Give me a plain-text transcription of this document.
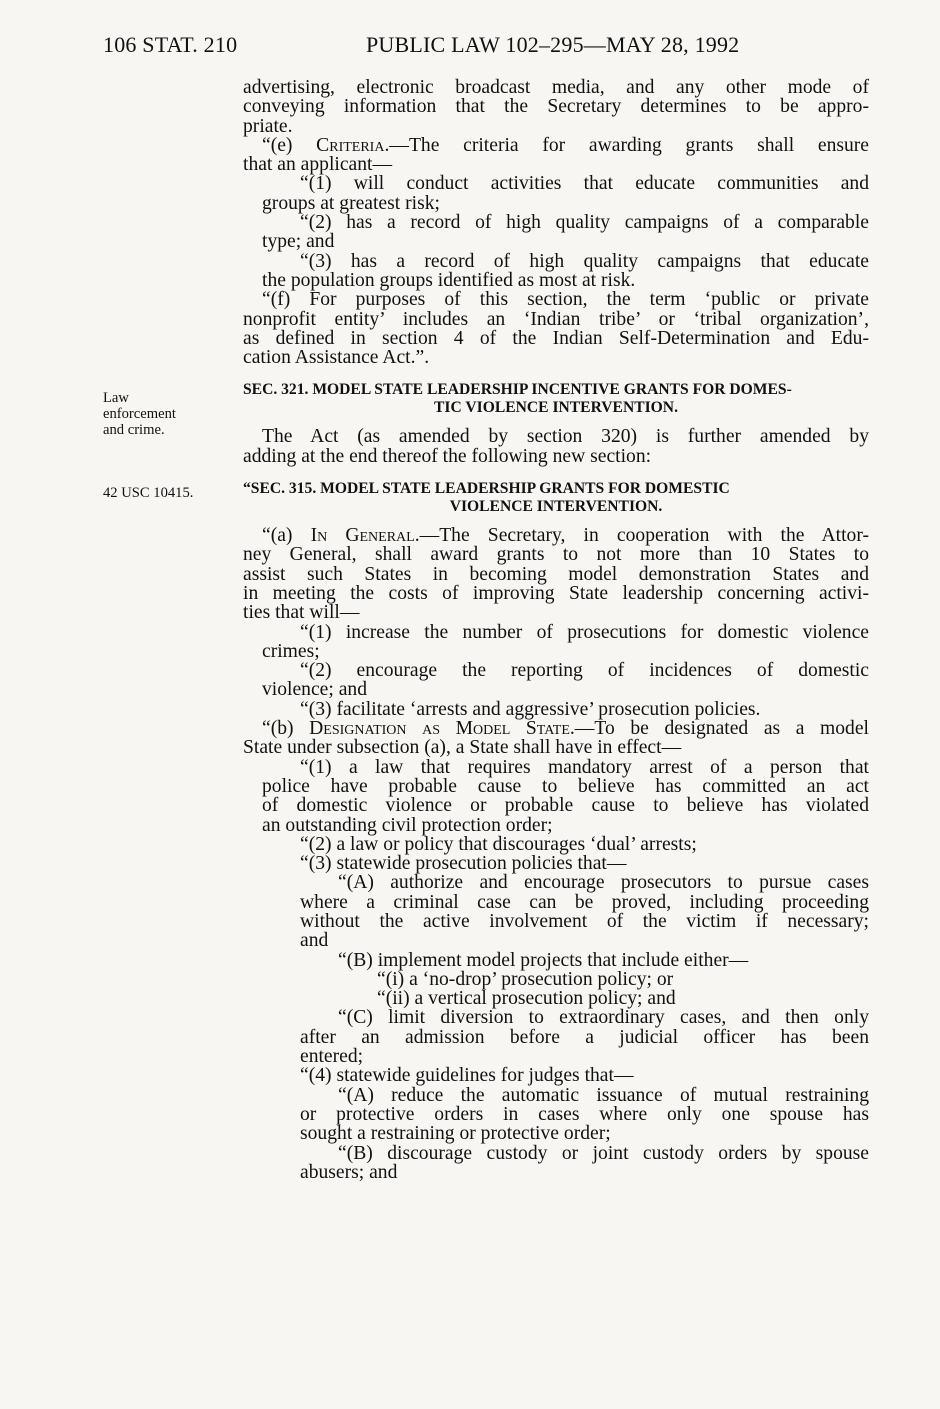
106 STAT. 210	PUBLIC LAW 102–295—MAY 28, 1992
Law
enforcement
and crime.
42 USC 10415.
advertising, electronic broadcast media, and any other mode of
conveying information that the Secretary determines to be appro-
priate.
“(e) Criteria.—The criteria for awarding grants shall ensure
that an applicant—
“(1) will conduct activities that educate communities and
groups at greatest risk;
“(2) has a record of high quality campaigns of a comparable
type; and
“(3) has a record of high quality campaigns that educate
the population groups identified as most at risk.
“(f) For purposes of this section, the term ‘public or private
nonprofit entity’ includes an ‘Indian tribe’ or ‘tribal organization’,
as defined in section 4 of the Indian Self-Determination and Edu-
cation Assistance Act.”.
SEC. 321. MODEL STATE LEADERSHIP INCENTIVE GRANTS FOR DOMES-
TIC VIOLENCE INTERVENTION.
The Act (as amended by section 320) is further amended by
adding at the end thereof the following new section:
“SEC. 315. MODEL STATE LEADERSHIP GRANTS FOR DOMESTIC
VIOLENCE INTERVENTION.
“(a) In General.—The Secretary, in cooperation with the Attor-
ney General, shall award grants to not more than 10 States to
assist such States in becoming model demonstration States and
in meeting the costs of improving State leadership concerning activi-
ties that will—
“(1) increase the number of prosecutions for domestic violence
crimes;
“(2) encourage the reporting of incidences of domestic
violence; and
“(3) facilitate ‘arrests and aggressive’ prosecution policies.
“(b) Designation as Model State.—To be designated as a model
State under subsection (a), a State shall have in effect—
“(1) a law that requires mandatory arrest of a person that
police have probable cause to believe has committed an act
of domestic violence or probable cause to believe has violated
an outstanding civil protection order;
“(2) a law or policy that discourages ‘dual’ arrests;
“(3) statewide prosecution policies that—
“(A) authorize and encourage prosecutors to pursue cases
where a criminal case can be proved, including proceeding
without the active involvement of the victim if necessary;
and
“(B) implement model projects that include either—
“(i) a ‘no-drop’ prosecution policy; or
“(ii) a vertical prosecution policy; and
“(C) limit diversion to extraordinary cases, and then only
after an admission before a judicial officer has been
entered;
“(4) statewide guidelines for judges that—
“(A) reduce the automatic issuance of mutual restraining
or protective orders in cases where only one spouse has
sought a restraining or protective order;
“(B) discourage custody or joint custody orders by spouse
abusers; and
